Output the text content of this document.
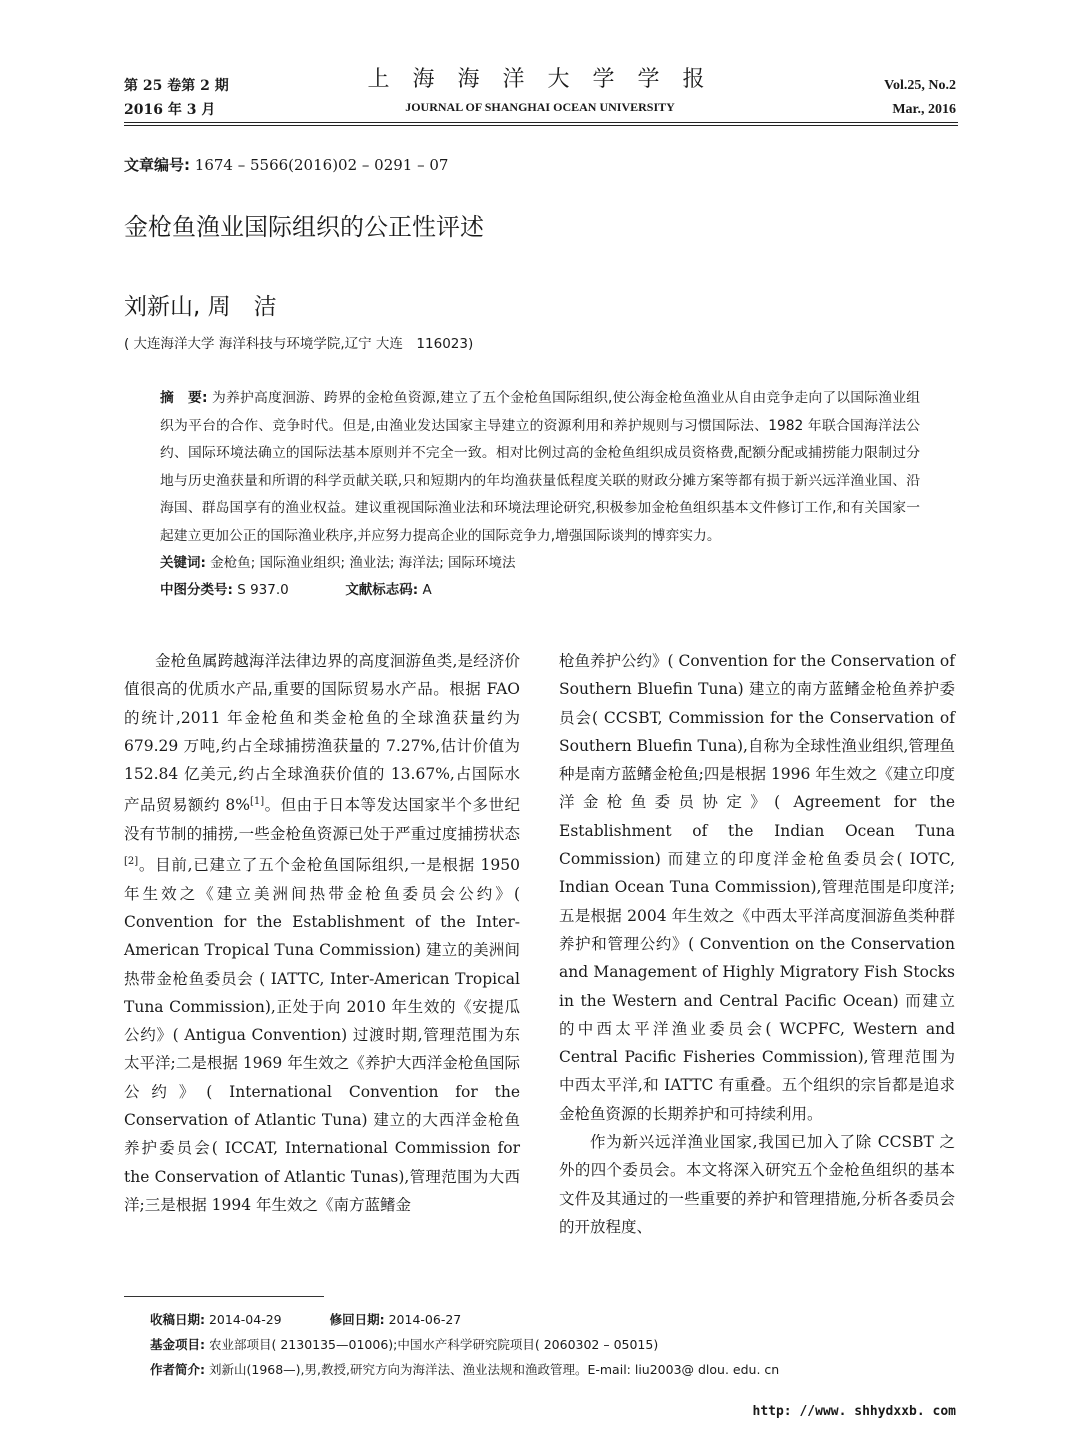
第 25 卷第 2 期
2016 年 3 月
上 海 海 洋 大 学 学 报
JOURNAL OF SHANGHAI OCEAN UNIVERSITY
Vol.25, No.2
Mar., 2016
文章编号: 1674 – 5566(2016)02 – 0291 – 07
金枪鱼渔业国际组织的公正性评述
刘新山, 周　洁
( 大连海洋大学 海洋科技与环境学院,辽宁 大连　116023)
摘　要: 为养护高度洄游、跨界的金枪鱼资源,建立了五个金枪鱼国际组织,使公海金枪鱼渔业从自由竞争走向了以国际渔业组织为平台的合作、竞争时代。但是,由渔业发达国家主导建立的资源利用和养护规则与习惯国际法、1982 年联合国海洋法公约、国际环境法确立的国际法基本原则并不完全一致。相对比例过高的金枪鱼组织成员资格费,配额分配或捕捞能力限制过分地与历史渔获量和所谓的科学贡献关联,只和短期内的年均渔获量低程度关联的财政分摊方案等都有损于新兴远洋渔业国、沿海国、群岛国享有的渔业权益。建议重视国际渔业法和环境法理论研究,积极参加金枪鱼组织基本文件修订工作,和有关国家一起建立更加公正的国际渔业秩序,并应努力提高企业的国际竞争力,增强国际谈判的博弈实力。
关键词: 金枪鱼; 国际渔业组织; 渔业法; 海洋法; 国际环境法
中图分类号: S 937.0	文献标志码: A

金枪鱼属跨越海洋法律边界的高度洄游鱼类,是经济价值很高的优质水产品,重要的国际贸易水产品。根据 FAO 的统计,2011 年金枪鱼和类金枪鱼的全球渔获量约为 679.29 万吨,约占全球捕捞渔获量的 7.27%,估计价值为 152.84 亿美元,约占全球渔获价值的 13.67%,占国际水产品贸易额约 8%[1]。但由于日本等发达国家半个多世纪没有节制的捕捞,一些金枪鱼资源已处于严重过度捕捞状态[2]。目前,已建立了五个金枪鱼国际组织,一是根据 1950 年生效之《建立美洲间热带金枪鱼委员会公约》( Convention for the Establishment of the Inter-American Tropical Tuna Commission) 建立的美洲间热带金枪鱼委员会 ( IATTC, Inter-American Tropical Tuna Commission),正处于向 2010 年生效的《安提瓜公约》( Antigua Convention) 过渡时期,管理范围为东太平洋;二是根据 1969 年生效之《养护大西洋金枪鱼国际公约》( International Convention for the Conservation of Atlantic Tuna) 建立的大西洋金枪鱼养护委员会( ICCAT, International Commission for the Conservation of Atlantic Tunas),管理范围为大西洋;三是根据 1994 年生效之《南方蓝鳍金

枪鱼养护公约》( Convention for the Conservation of Southern Bluefin Tuna) 建立的南方蓝鳍金枪鱼养护委员会( CCSBT, Commission for the Conservation of Southern Bluefin Tuna),自称为全球性渔业组织,管理鱼种是南方蓝鳍金枪鱼;四是根据 1996 年生效之《建立印度洋金枪鱼委员协定》( Agreement for the Establishment of the Indian Ocean Tuna Commission) 而建立的印度洋金枪鱼委员会( IOTC, Indian Ocean Tuna Commission),管理范围是印度洋;五是根据 2004 年生效之《中西太平洋高度洄游鱼类种群养护和管理公约》( Convention on the Conservation and Management of Highly Migratory Fish Stocks in the Western and Central Pacific Ocean) 而建立的中西太平洋渔业委员会( WCPFC, Western and Central Pacific Fisheries Commission),管理范围为中西太平洋,和 IATTC 有重叠。五个组织的宗旨都是追求金枪鱼资源的长期养护和可持续利用。

作为新兴远洋渔业国家,我国已加入了除 CCSBT 之外的四个委员会。本文将深入研究五个金枪鱼组织的基本文件及其通过的一些重要的养护和管理措施,分析各委员会的开放程度、

收稿日期: 2014-04-29	修回日期: 2014-06-27
基金项目: 农业部项目( 2130135—01006);中国水产科学研究院项目( 2060302 – 05015)
作者简介: 刘新山(1968—),男,教授,研究方向为海洋法、渔业法规和渔政管理。E-mail: liu2003@ dlou. edu. cn
http: //www. shhydxxb. com
